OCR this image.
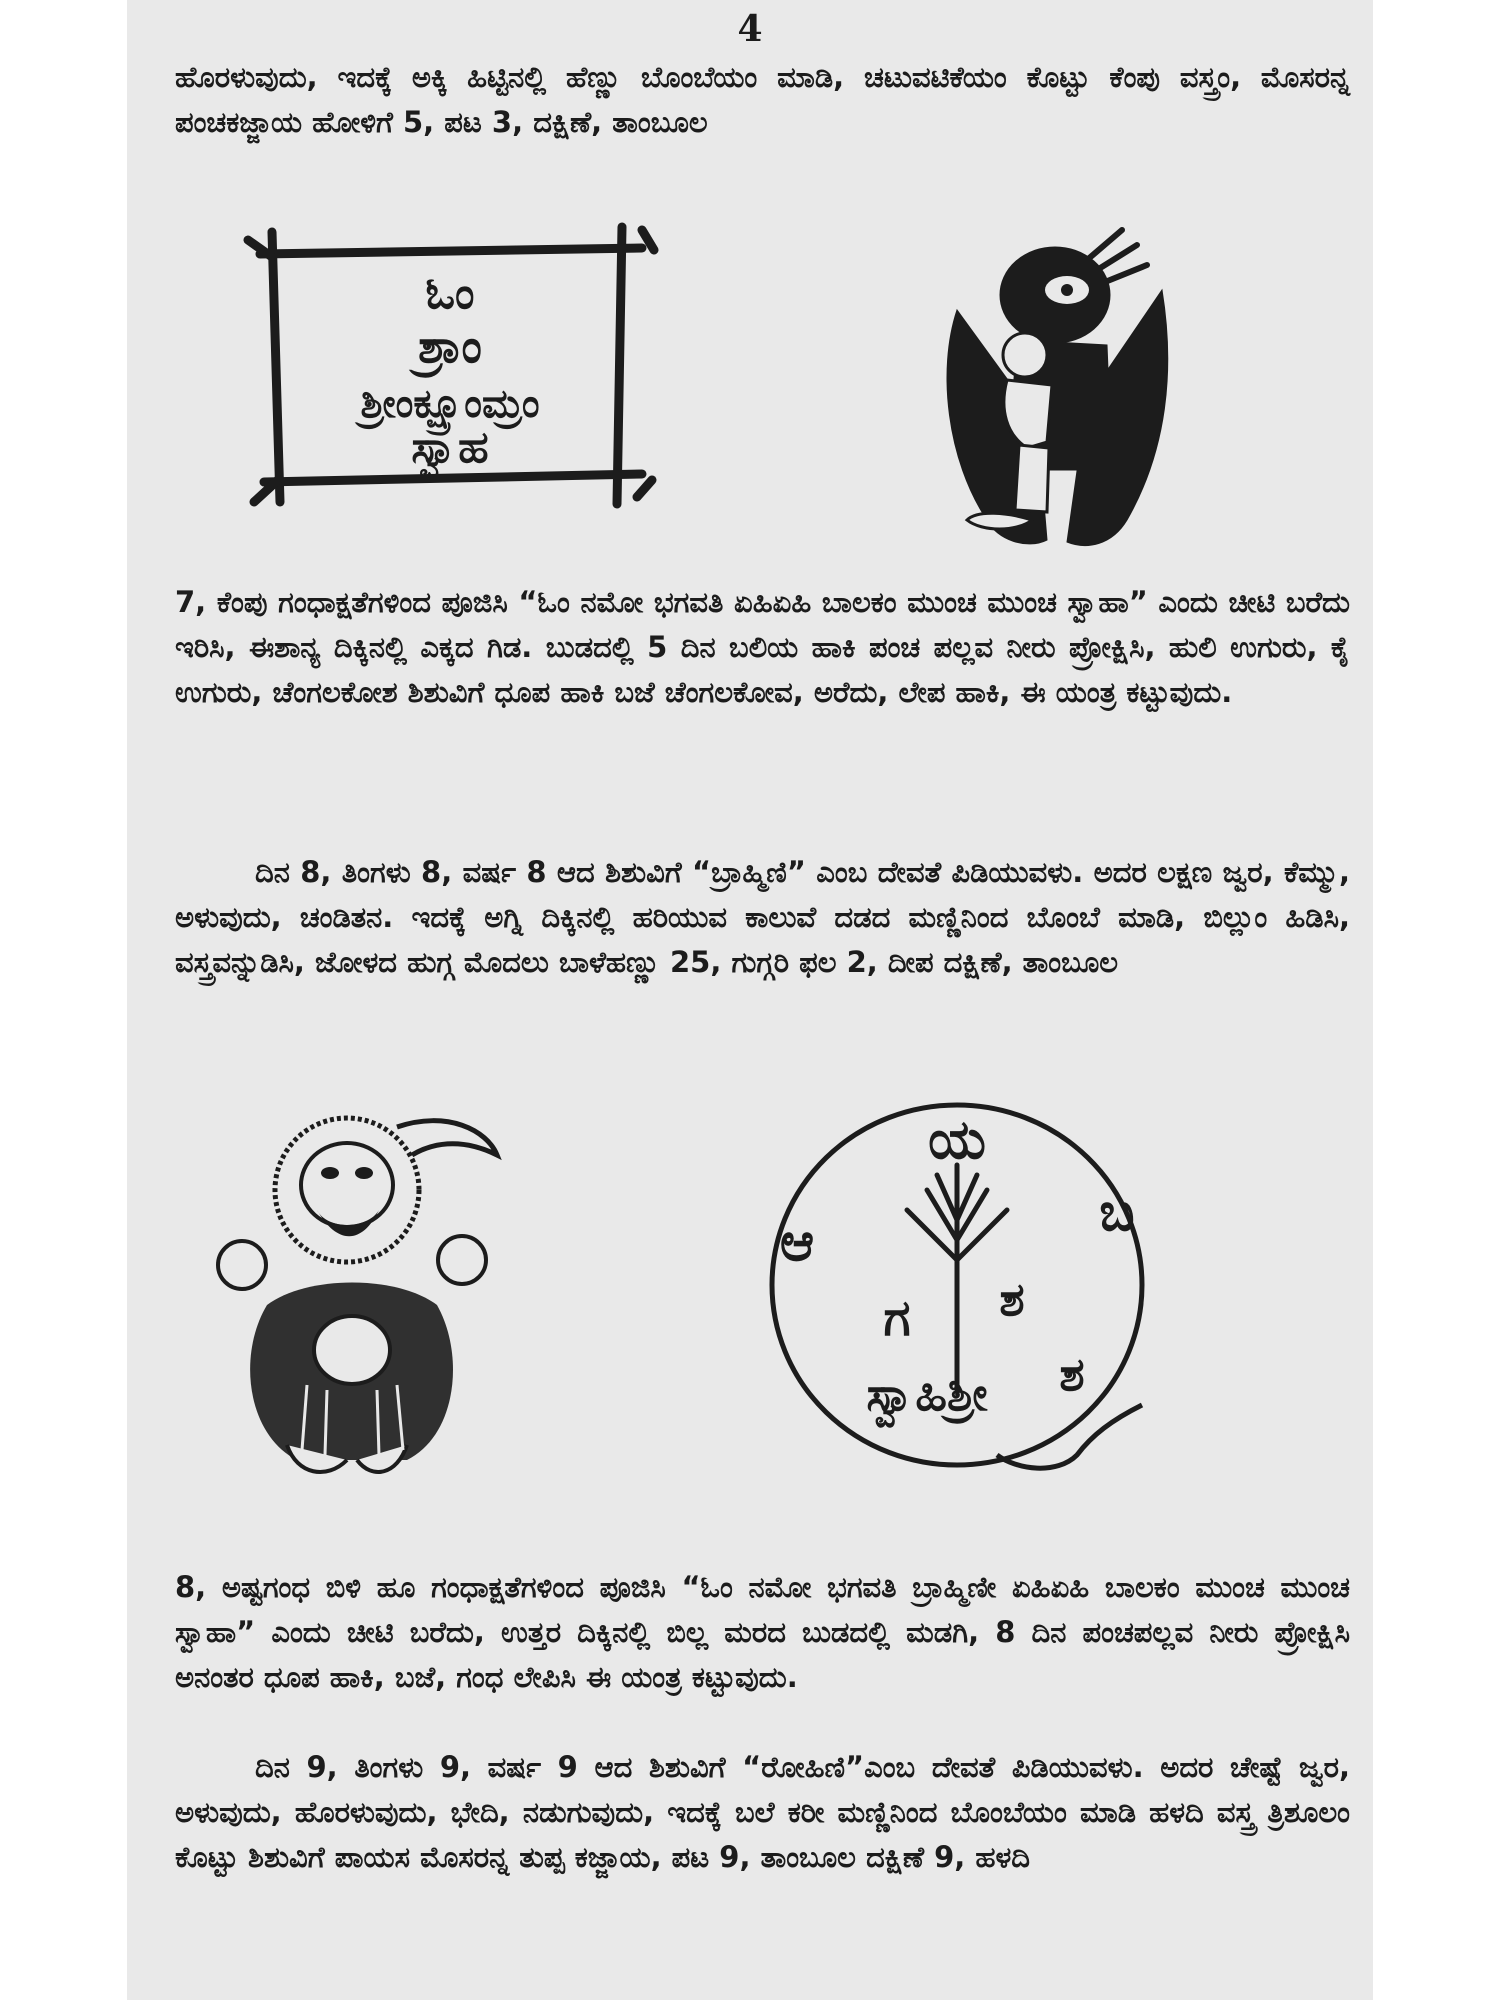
4

ಹೊರಳುವುದು, ಇದಕ್ಕೆ ಅಕ್ಕಿ ಹಿಟ್ಟಿನಲ್ಲಿ ಹೆಣ್ಣು ಬೊಂಬೆಯಂ ಮಾಡಿ, ಚಟುವಟಿಕೆಯಂ ಕೊಟ್ಟು ಕೆಂಪು ವಸ್ತ್ರಂ, ಮೊಸರನ್ನ ಪಂಚಕಜ್ಜಾಯ ಹೋಳಿಗೆ 5, ಪಟ 3, ದಕ್ಷಿಣೆ, ತಾಂಬೂಲ

ಓಂ
ಶ್ರಾಂ
ಶ್ರೀಂಕ್ಷ್ರೂಂಮ್ರಂ
ಸ್ವಾಹ

7, ಕೆಂಪು ಗಂಧಾಕ್ಷತೆಗಳಿಂದ ಪೂಜಿಸಿ “ಓಂ ನಮೋ ಭಗವತಿ ಏಹಿಏಹಿ ಬಾಲಕಂ ಮುಂಚ ಮುಂಚ ಸ್ವಾಹಾ” ಎಂದು ಚೀಟಿ ಬರೆದು ಇರಿಸಿ, ಈಶಾನ್ಯ ದಿಕ್ಕಿನಲ್ಲಿ ಎಕ್ಕದ ಗಿಡ. ಬುಡದಲ್ಲಿ 5 ದಿನ ಬಲಿಯ ಹಾಕಿ ಪಂಚ ಪಲ್ಲವ ನೀರು ಪ್ರೋಕ್ಷಿಸಿ, ಹುಲಿ ಉಗುರು, ಕೈ ಉಗುರು, ಚೆಂಗಲಕೋಶ ಶಿಶುವಿಗೆ ಧೂಪ ಹಾಕಿ ಬಜೆ ಚೆಂಗಲಕೋವ, ಅರೆದು, ಲೇಪ ಹಾಕಿ, ಈ ಯಂತ್ರ ಕಟ್ಟುವುದು.

ದಿನ 8, ತಿಂಗಳು 8, ವರ್ಷ 8 ಆದ ಶಿಶುವಿಗೆ “ಬ್ರಾಹ್ಮಿಣಿ” ಎಂಬ ದೇವತೆ ಪಿಡಿಯುವಳು. ಅದರ ಲಕ್ಷಣ ಜ್ವರ, ಕೆಮ್ಮು, ಅಳುವುದು, ಚಂಡಿತನ. ಇದಕ್ಕೆ ಅಗ್ನಿ ದಿಕ್ಕಿನಲ್ಲಿ ಹರಿಯುವ ಕಾಲುವೆ ದಡದ ಮಣ್ಣಿನಿಂದ ಬೊಂಬೆ ಮಾಡಿ, ಬಿಲ್ಲುಂ ಹಿಡಿಸಿ, ವಸ್ತ್ರವನ್ನುಡಿಸಿ, ಜೋಳದ ಹುಗ್ಗ ಮೊದಲು ಬಾಳೆಹಣ್ಣು 25, ಗುಗ್ಗರಿ ಫಲ 2, ದೀಪ ದಕ್ಷಿಣೆ, ತಾಂಬೂಲ

ಯ
ಆ	ಬ
ಗ ಶ
ಸ್ವಾಹಿಶ್ರೀ ಶ

8, ಅಷ್ಟಗಂಧ ಬಿಳಿ ಹೂ ಗಂಧಾಕ್ಷತೆಗಳಿಂದ ಪೂಜಿಸಿ “ಓಂ ನಮೋ ಭಗವತಿ ಬ್ರಾಹ್ಮಿಣೀ ಏಹಿಏಹಿ ಬಾಲಕಂ ಮುಂಚ ಮುಂಚ ಸ್ವಾಹಾ” ಎಂದು ಚೀಟಿ ಬರೆದು, ಉತ್ತರ ದಿಕ್ಕಿನಲ್ಲಿ ಬಿಲ್ಲ ಮರದ ಬುಡದಲ್ಲಿ ಮಡಗಿ, 8 ದಿನ ಪಂಚಪಲ್ಲವ ನೀರು ಪ್ರೋಕ್ಷಿಸಿ ಅನಂತರ ಧೂಪ ಹಾಕಿ, ಬಜೆ, ಗಂಧ ಲೇಪಿಸಿ ಈ ಯಂತ್ರ ಕಟ್ಟುವುದು.

ದಿನ 9, ತಿಂಗಳು 9, ವರ್ಷ 9 ಆದ ಶಿಶುವಿಗೆ “ರೋಹಿಣಿ”ಎಂಬ ದೇವತೆ ಪಿಡಿಯುವಳು. ಅದರ ಚೇಷ್ಟೆ ಜ್ವರ, ಅಳುವುದು, ಹೊರಳುವುದು, ಭೇದಿ, ನಡುಗುವುದು, ಇದಕ್ಕೆ ಬಲೆ ಕರೀ ಮಣ್ಣಿನಿಂದ ಬೊಂಬೆಯಂ ಮಾಡಿ ಹಳದಿ ವಸ್ತ್ರ ತ್ರಿಶೂಲಂ ಕೊಟ್ಟು ಶಿಶುವಿಗೆ ಪಾಯಸ ಮೊಸರನ್ನ ತುಪ್ಪ ಕಜ್ಜಾಯ, ಪಟ 9, ತಾಂಬೂಲ ದಕ್ಷಿಣೆ 9, ಹಳದಿ
